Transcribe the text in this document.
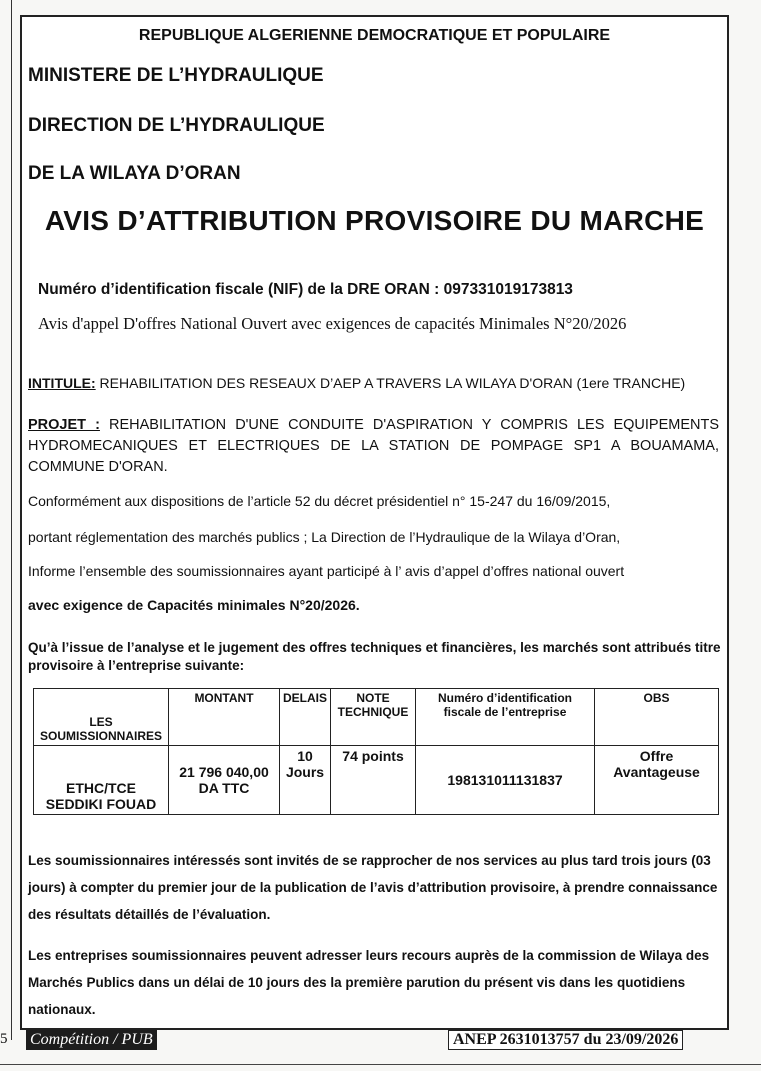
5
REPUBLIQUE ALGERIENNE DEMOCRATIQUE ET POPULAIRE
MINISTERE DE L’HYDRAULIQUE
DIRECTION DE L’HYDRAULIQUE
DE LA WILAYA D’ORAN
AVIS D’ATTRIBUTION PROVISOIRE DU MARCHE
Numéro d’identification fiscale (NIF) de la DRE ORAN : 097331019173813
Avis d'appel D'offres National Ouvert avec exigences de capacités Minimales N°20/2026
INTITULE: REHABILITATION DES RESEAUX D’AEP A TRAVERS LA WILAYA D'ORAN (1ere TRANCHE)
PROJET : REHABILITATION D'UNE CONDUITE D'ASPIRATION Y COMPRIS LES EQUIPEMENTS HYDROMECANIQUES ET ELECTRIQUES DE LA STATION DE POMPAGE SP1 A BOUAMAMA, COMMUNE D'ORAN.
Conformément aux dispositions de l’article 52 du décret présidentiel n° 15-247 du 16/09/2015,
portant réglementation des marchés publics ; La Direction de l’Hydraulique de la Wilaya d’Oran,
Informe l’ensemble des soumissionnaires ayant participé à l’ avis d’appel d’offres national ouvert
avec exigence de Capacités minimales N°20/2026.
Qu’à l’issue de l’analyse et le jugement des offres techniques et financières, les marchés sont attribués titre provisoire à l’entreprise suivante:
LES SOUMISSIONNAIRES	MONTANT	DELAIS	NOTE TECHNIQUE	Numéro d’identification fiscale de l’entreprise	OBS
ETHC/TCE SEDDIKI FOUAD	21 796 040,00 DA TTC	10 Jours	74 points	198131011131837	Offre Avantageuse
Les soumissionnaires intéressés sont invités de se rapprocher de nos services au plus tard trois jours (03 jours) à compter du premier jour de la publication de l’avis d’attribution provisoire, à prendre connaissance des résultats détaillés de l’évaluation.
Les entreprises soumissionnaires peuvent adresser leurs recours auprès de la commission de Wilaya des Marchés Publics dans un délai de 10 jours des la première parution du présent vis dans les quotidiens nationaux.
Compétition / PUB	ANEP 2631013757 du 23/09/2026
